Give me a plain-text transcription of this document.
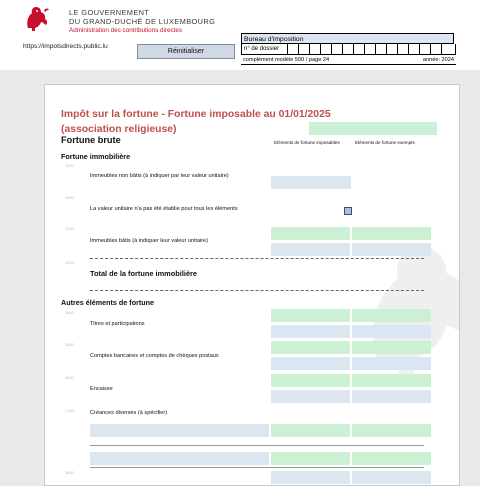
LE GOUVERNEMENT
DU GRAND-DUCHÉ DE LUXEMBOURG
Administration des contributions directes
https://impotsdirects.public.lu
Réinitialiser
Bureau d'imposition
n° de dossier
complément modèle 500 / page 24	année: 2024
Impôt sur la fortune - Fortune imposable au 01/01/2025
(association religieuse)
Fortune brute	Eléments de fortune imposables	Eléments de fortune exempts
Fortune immobilière
1100
Immeubles non bâtis (à indiquer par leur valeur unitaire)
3400
La valeur unitaire n'a pas été établie pour tous les éléments
1200
Immeubles bâtis (à indiquer leur valeur unitaire)
1210
Total de la fortune immobilière
Autres éléments de fortune
1400
Titres et participations
1500
Comptes bancaires et comptes de chèques postaux
1600
Encaisse
1700	Créances diverses (à spécifier)
1800
